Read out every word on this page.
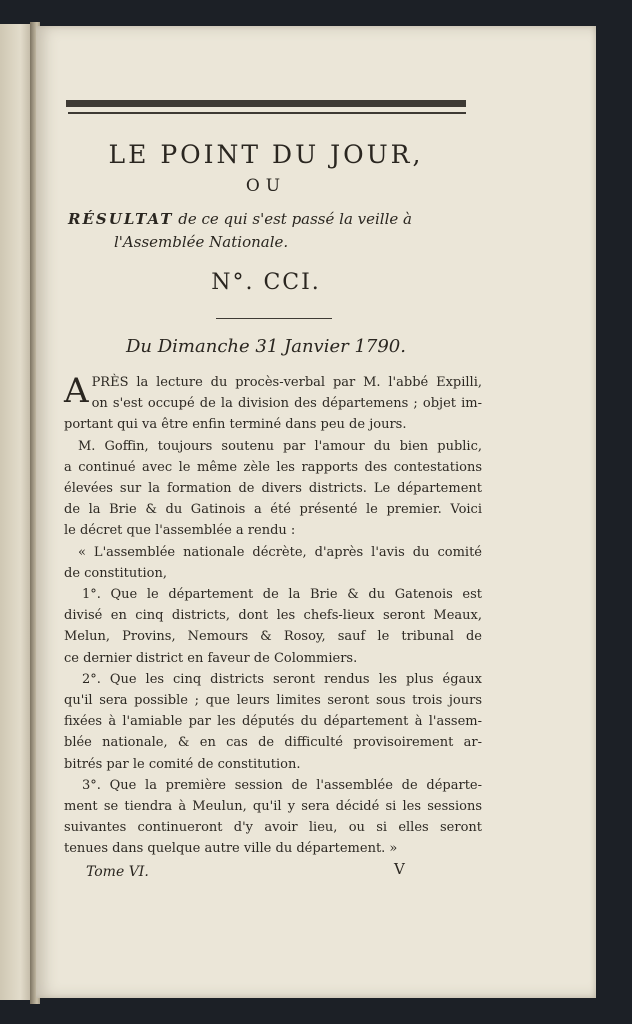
LE POINT DU JOUR,
OU
RÉSULTAT de ce qui s'est passé la veille à
l'Assemblée Nationale.
N°. CCI.
Du Dimanche 31 Janvier 1790.
A PRÈS la lecture du procès-verbal par M. l'abbé Expilli,
on s'est occupé de la division des départemens ; objet im-
portant qui va être enfin terminé dans peu de jours.
M. Goffin, toujours soutenu par l'amour du bien public,
a continué avec le même zèle les rapports des contestations
élevées sur la formation de divers districts. Le département
de la Brie & du Gatinois a été présenté le premier. Voici
le décret que l'assemblée a rendu :
« L'assemblée nationale décrète, d'après l'avis du comité
de constitution,
1°. Que le département de la Brie & du Gatenois est
divisé en cinq districts, dont les chefs-lieux seront Meaux,
Melun, Provins, Nemours & Rosoy, sauf le tribunal de
ce dernier district en faveur de Colommiers.
2°. Que les cinq districts seront rendus les plus égaux
qu'il sera possible ; que leurs limites seront sous trois jours
fixées à l'amiable par les députés du département à l'assem-
blée nationale, & en cas de difficulté provisoirement ar-
bitrés par le comité de constitution.
3°. Que la première session de l'assemblée de départe-
ment se tiendra à Meulun, qu'il y sera décidé si les sessions
suivantes continueront d'y avoir lieu, ou si elles seront
tenues dans quelque autre ville du département. »
Tome VI.	V
